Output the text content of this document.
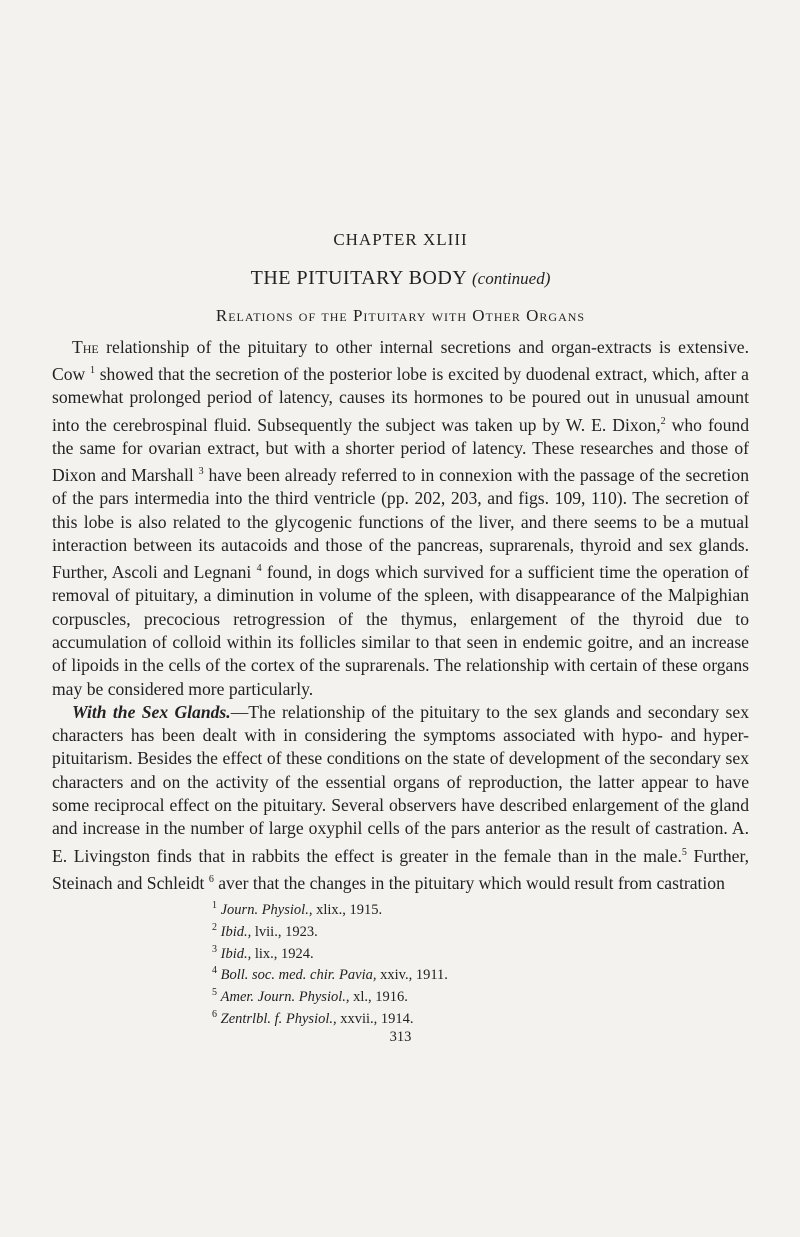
CHAPTER XLIII

THE PITUITARY BODY (continued)

Relations of the Pituitary with Other Organs

The relationship of the pituitary to other internal secretions and organ-extracts is extensive. Cow $^1$ showed that the secretion of the posterior lobe is excited by duodenal extract, which, after a somewhat prolonged period of latency, causes its hormones to be poured out in unusual amount into the cerebrospinal fluid. Subsequently the subject was taken up by W. E. Dixon,$^2$ who found the same for ovarian extract, but with a shorter period of latency. These researches and those of Dixon and Marshall $^3$ have been already referred to in connexion with the passage of the secretion of the pars intermedia into the third ventricle (pp. 202, 203, and figs. 109, 110). The secretion of this lobe is also related to the glycogenic functions of the liver, and there seems to be a mutual interaction between its autacoids and those of the pancreas, suprarenals, thyroid and sex glands. Further, Ascoli and Legnani $^4$ found, in dogs which survived for a sufficient time the operation of removal of pituitary, a diminution in volume of the spleen, with disappearance of the Malpighian corpuscles, precocious retrogression of the thymus, enlargement of the thyroid due to accumulation of colloid within its follicles similar to that seen in endemic goitre, and an increase of lipoids in the cells of the cortex of the suprarenals. The relationship with certain of these organs may be considered more particularly.

With the Sex Glands.—The relationship of the pituitary to the sex glands and secondary sex characters has been dealt with in considering the symptoms associated with hypo- and hyper-pituitarism. Besides the effect of these conditions on the state of development of the secondary sex characters and on the activity of the essential organs of reproduction, the latter appear to have some reciprocal effect on the pituitary. Several observers have described enlargement of the gland and increase in the number of large oxyphil cells of the pars anterior as the result of castration. A. E. Livingston finds that in rabbits the effect is greater in the female than in the male.$^5$ Further, Steinach and Schleidt $^6$ aver that the changes in the pituitary which would result from castration

$^1$ Journ. Physiol., xlix., 1915.

$^2$ Ibid., lvii., 1923.

$^3$ Ibid., lix., 1924.

$^4$ Boll. soc. med. chir. Pavia, xxiv., 1911.

$^5$ Amer. Journ. Physiol., xl., 1916.

$^6$ Zentrlbl. f. Physiol., xxvii., 1914.

313
